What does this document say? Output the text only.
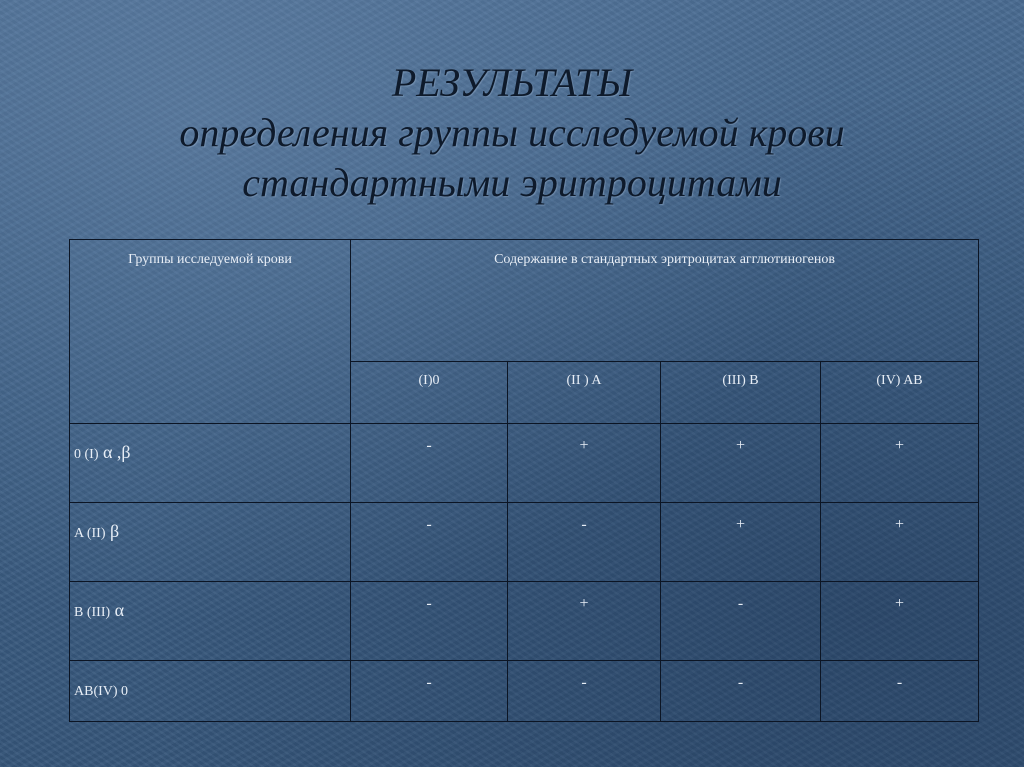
РЕЗУЛЬТАТЫ
определения группы исследуемой крови
стандартными эритроцитами
Группы исследуемой крови	Содержание в стандартных эритроцитах агглютиногенов			
	(I)0	(II ) A	(III) B	(IV) AB
0 (I) α ,β	-	+	+	+
A (II) β	-	-	+	+
B (III) α	-	+	-	+
AB(IV) 0	-	-	-	-
